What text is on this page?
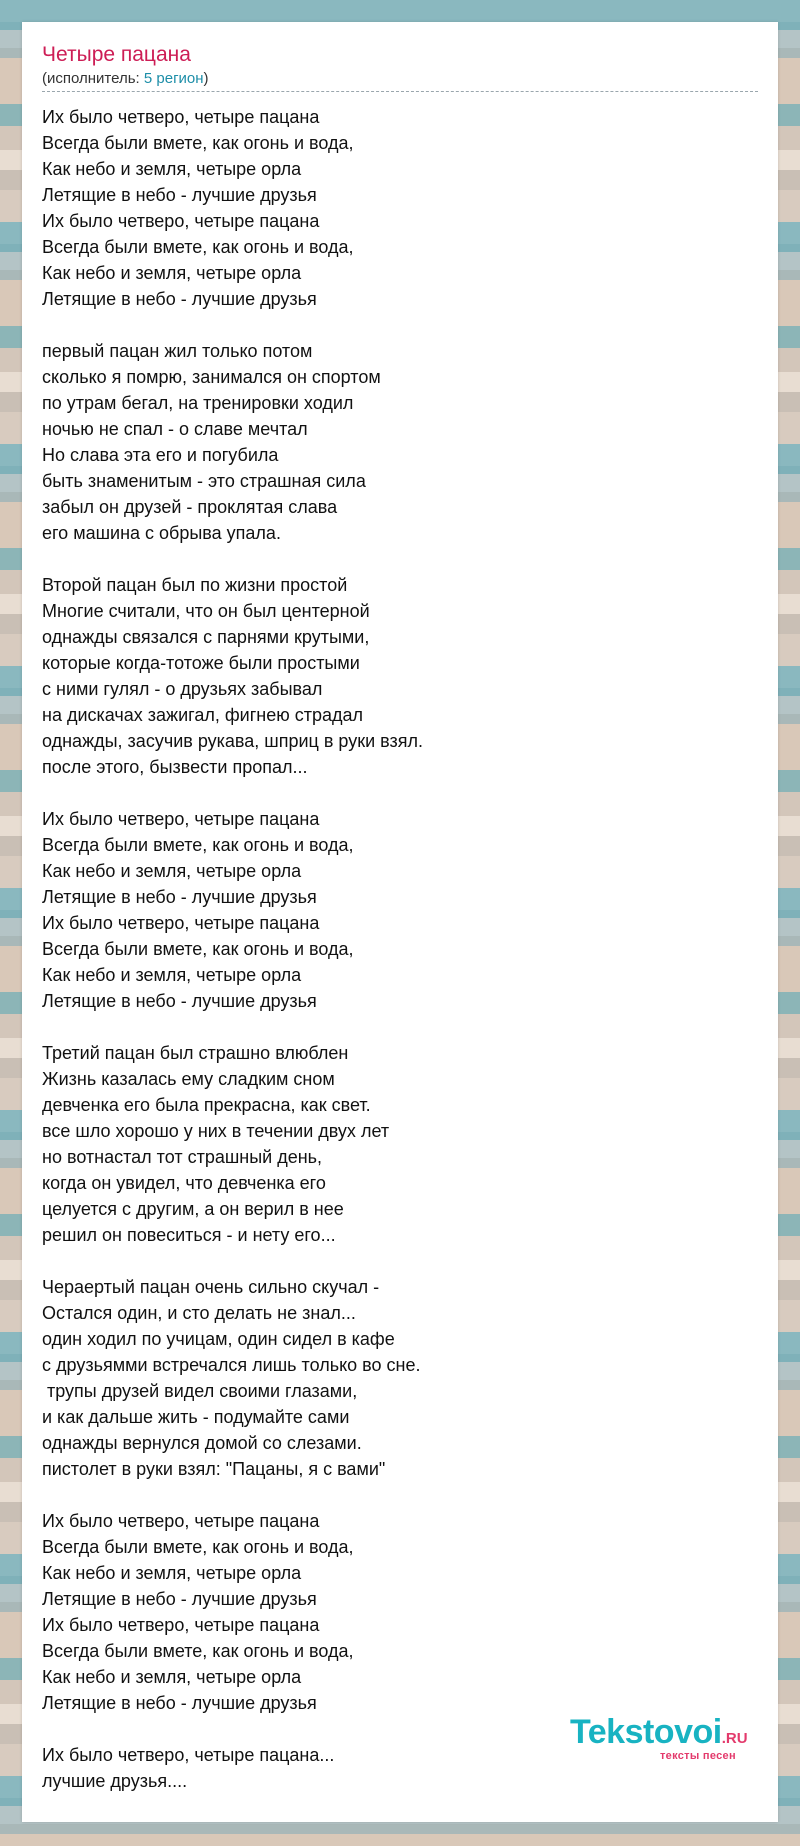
Четыре пацана
(исполнитель: 5 регион)
Их было четверо, четыре пацана
Всегда были вмете, как огонь и вода,
Как небо и земля, четыре орла
Летящие в небо - лучшие друзья
Их было четверо, четыре пацана
Всегда были вмете, как огонь и вода,
Как небо и земля, четыре орла
Летящие в небо - лучшие друзья

первый пацан жил только потом
сколько я помрю, занимался он спортом
по утрам бегал, на тренировки ходил
ночью не спал - о славе мечтал
Но слава эта его и погубила
быть знаменитым - это страшная сила
забыл он друзей - проклятая слава
его машина с обрыва упала.

Второй пацан был по жизни простой
Многие считали, что он был центерной
однажды связался с парнями крутыми,
которые когда-тотоже были простыми
с ними гулял - о друзьях забывал
на дискачах зажигал, фигнею страдал
однажды, засучив рукава, шприц в руки взял.
после этого, бызвести пропал...

Их было четверо, четыре пацана
Всегда были вмете, как огонь и вода,
Как небо и земля, четыре орла
Летящие в небо - лучшие друзья
Их было четверо, четыре пацана
Всегда были вмете, как огонь и вода,
Как небо и земля, четыре орла
Летящие в небо - лучшие друзья

Третий пацан был страшно влюблен
Жизнь казалась ему сладким сном
девченка его была прекрасна, как свет.
все шло хорошо у них в течении двух лет
но вотнастал тот страшный день,
когда он увидел, что девченка его
целуется с другим, а он верил в нее
решил он повеситься - и нету его...

Чераертый пацан очень сильно скучал -
Остался один, и сто делать не знал...
один ходил по учицам, один сидел в кафе
с друзьямми встречался лишь только во сне.
трупы друзей видел своими глазами,
и как дальше жить - подумайте сами
однажды вернулся домой со слезами.
пистолет в руки взял: "Пацаны, я с вами"

Их было четверо, четыре пацана
Всегда были вмете, как огонь и вода,
Как небо и земля, четыре орла
Летящие в небо - лучшие друзья
Их было четверо, четыре пацана
Всегда были вмете, как огонь и вода,
Как небо и земля, четыре орла
Летящие в небо - лучшие друзья

Их было четверо, четыре пацана...
лучшие друзья....
Tekstovoi.RU
тексты песен
